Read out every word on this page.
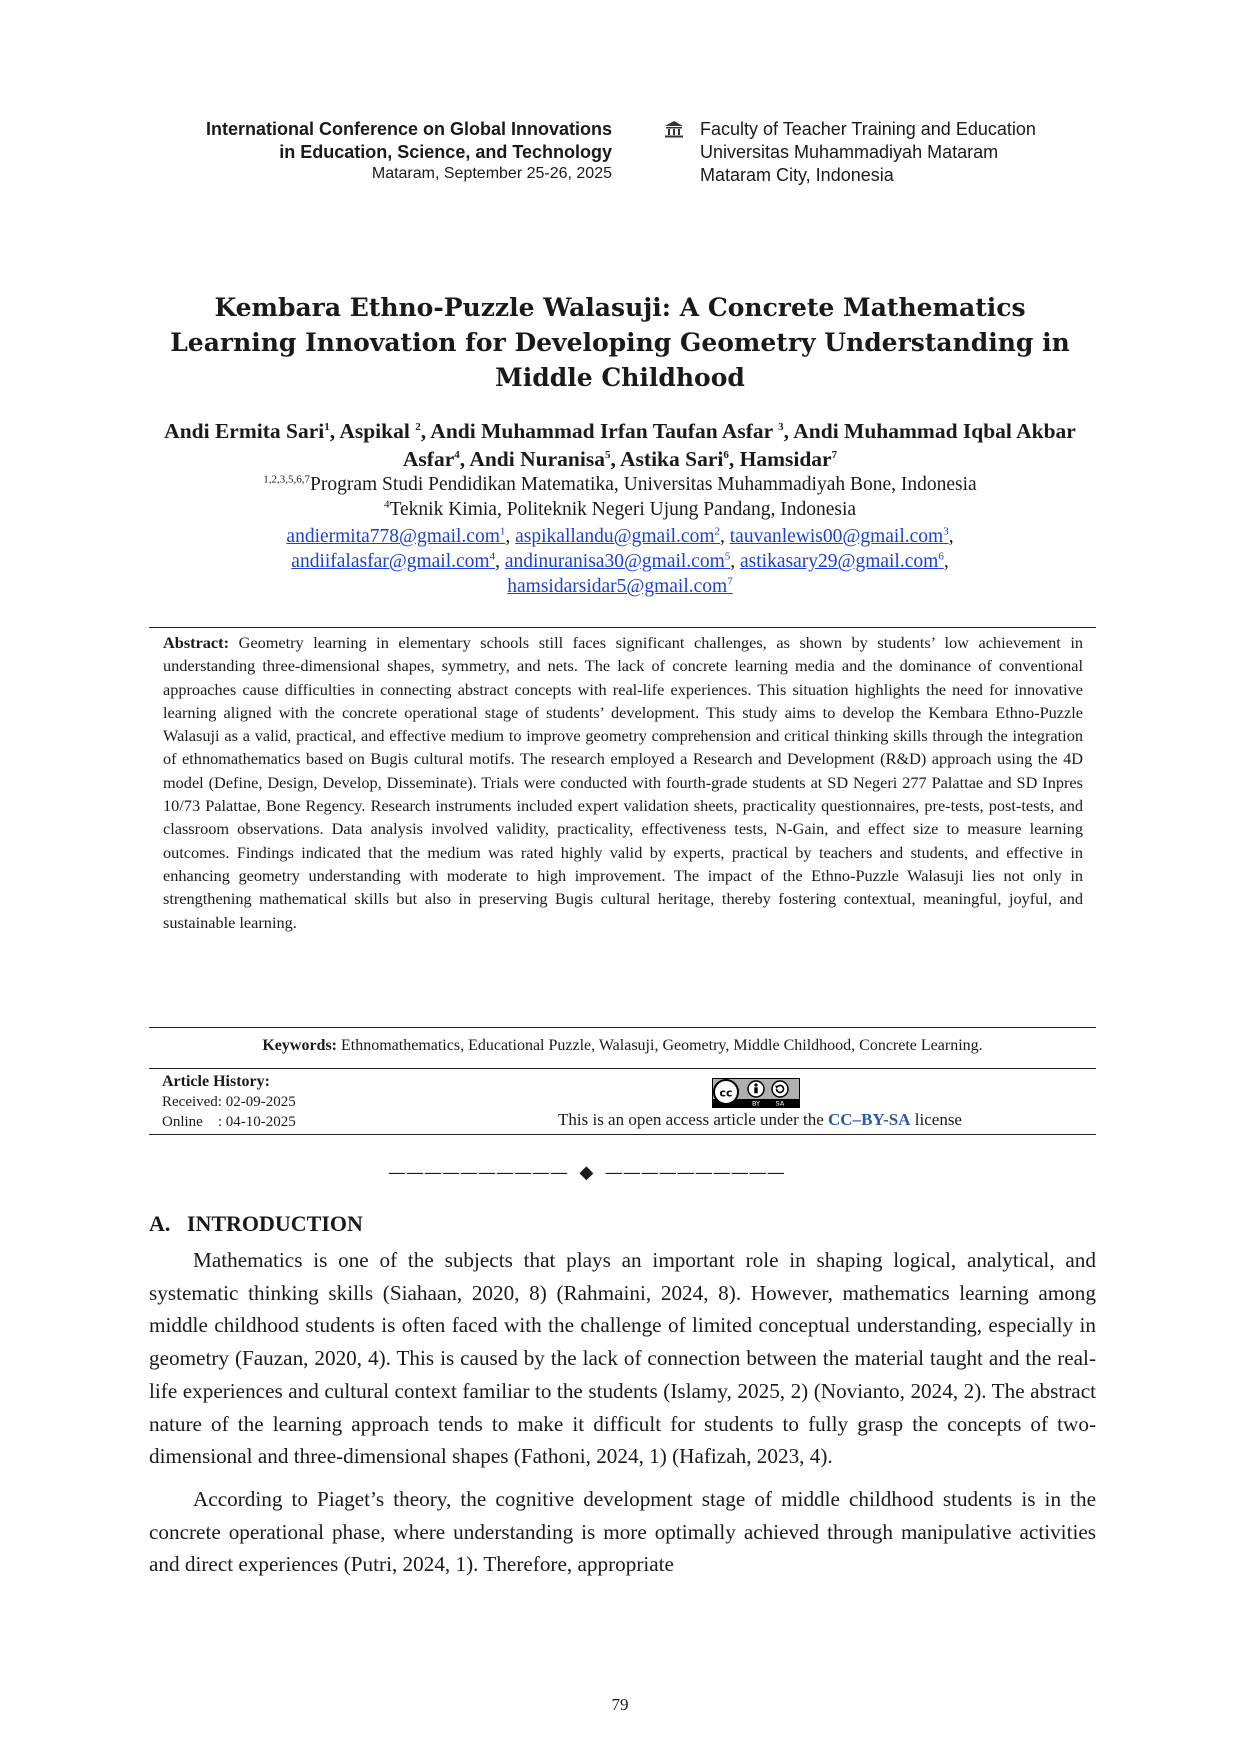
International Conference on Global Innovations
in Education, Science, and Technology
Mataram, September 25-26, 2025
Faculty of Teacher Training and Education
Universitas Muhammadiyah Mataram
Mataram City, Indonesia
Kembara Ethno-Puzzle Walasuji: A Concrete Mathematics Learning Innovation for Developing Geometry Understanding in Middle Childhood
Andi Ermita Sari$^1$, Aspikal $^2$, Andi Muhammad Irfan Taufan Asfar $^3$, Andi Muhammad Iqbal Akbar Asfar$^4$, Andi Nuranisa$^5$, Astika Sari$^6$, Hamsidar$^7$
$^{1,2,3,5,6,7}$Program Studi Pendidikan Matematika, Universitas Muhammadiyah Bone, Indonesia
$^4$Teknik Kimia, Politeknik Negeri Ujung Pandang, Indonesia
andiermita778@gmail.com$^1$, aspikallandu@gmail.com$^2$, tauvanlewis00@gmail.com$^3$,
andiifalasfar@gmail.com$^4$, andinuranisa30@gmail.com$^5$, astikasary29@gmail.com$^6$,
hamsidarsidar5@gmail.com$^7$
Abstract: Geometry learning in elementary schools still faces significant challenges, as shown by students’ low achievement in understanding three-dimensional shapes, symmetry, and nets. The lack of concrete learning media and the dominance of conventional approaches cause difficulties in connecting abstract concepts with real-life experiences. This situation highlights the need for innovative learning aligned with the concrete operational stage of students’ development. This study aims to develop the Kembara Ethno-Puzzle Walasuji as a valid, practical, and effective medium to improve geometry comprehension and critical thinking skills through the integration of ethnomathematics based on Bugis cultural motifs. The research employed a Research and Development (R&D) approach using the 4D model (Define, Design, Develop, Disseminate). Trials were conducted with fourth-grade students at SD Negeri 277 Palattae and SD Inpres 10/73 Palattae, Bone Regency. Research instruments included expert validation sheets, practicality questionnaires, pre-tests, post-tests, and classroom observations. Data analysis involved validity, practicality, effectiveness tests, N-Gain, and effect size to measure learning outcomes. Findings indicated that the medium was rated highly valid by experts, practical by teachers and students, and effective in enhancing geometry understanding with moderate to high improvement. The impact of the Ethno-Puzzle Walasuji lies not only in strengthening mathematical skills but also in preserving Bugis cultural heritage, thereby fostering contextual, meaningful, joyful, and sustainable learning.
Keywords: Ethnomathematics, Educational Puzzle, Walasuji, Geometry, Middle Childhood, Concrete Learning.
Article History:
Received: 02-09-2025
Online    : 04-10-2025
cc
BY SA
This is an open access article under the CC–BY-SA license
——————————  ◆  ——————————
A. INTRODUCTION

Mathematics is one of the subjects that plays an important role in shaping logical, analytical, and systematic thinking skills (Siahaan, 2020, 8) (Rahmaini, 2024, 8). However, mathematics learning among middle childhood students is often faced with the challenge of limited conceptual understanding, especially in geometry (Fauzan, 2020, 4). This is caused by the lack of connection between the material taught and the real-life experiences and cultural context familiar to the students (Islamy, 2025, 2) (Novianto, 2024, 2). The abstract nature of the learning approach tends to make it difficult for students to fully grasp the concepts of two-dimensional and three-dimensional shapes (Fathoni, 2024, 1) (Hafizah, 2023, 4).

According to Piaget’s theory, the cognitive development stage of middle childhood students is in the concrete operational phase, where understanding is more optimally achieved through manipulative activities and direct experiences (Putri, 2024, 1). Therefore, appropriate

79
